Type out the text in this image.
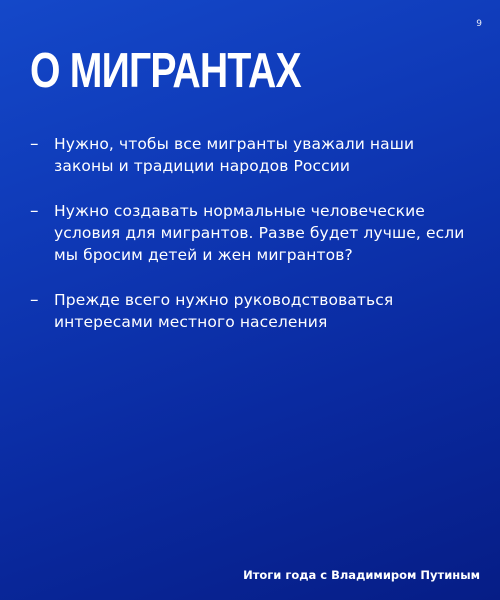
9
О МИГРАНТАХ
–	Нужно, чтобы все мигранты уважали наши законы и традиции народов России
–	Нужно создавать нормальные человеческие условия для мигрантов. Разве будет лучше, если мы бросим детей и жен мигрантов?
–	Прежде всего нужно руководствоваться интересами местного населения
Итоги года с Владимиром Путиным
